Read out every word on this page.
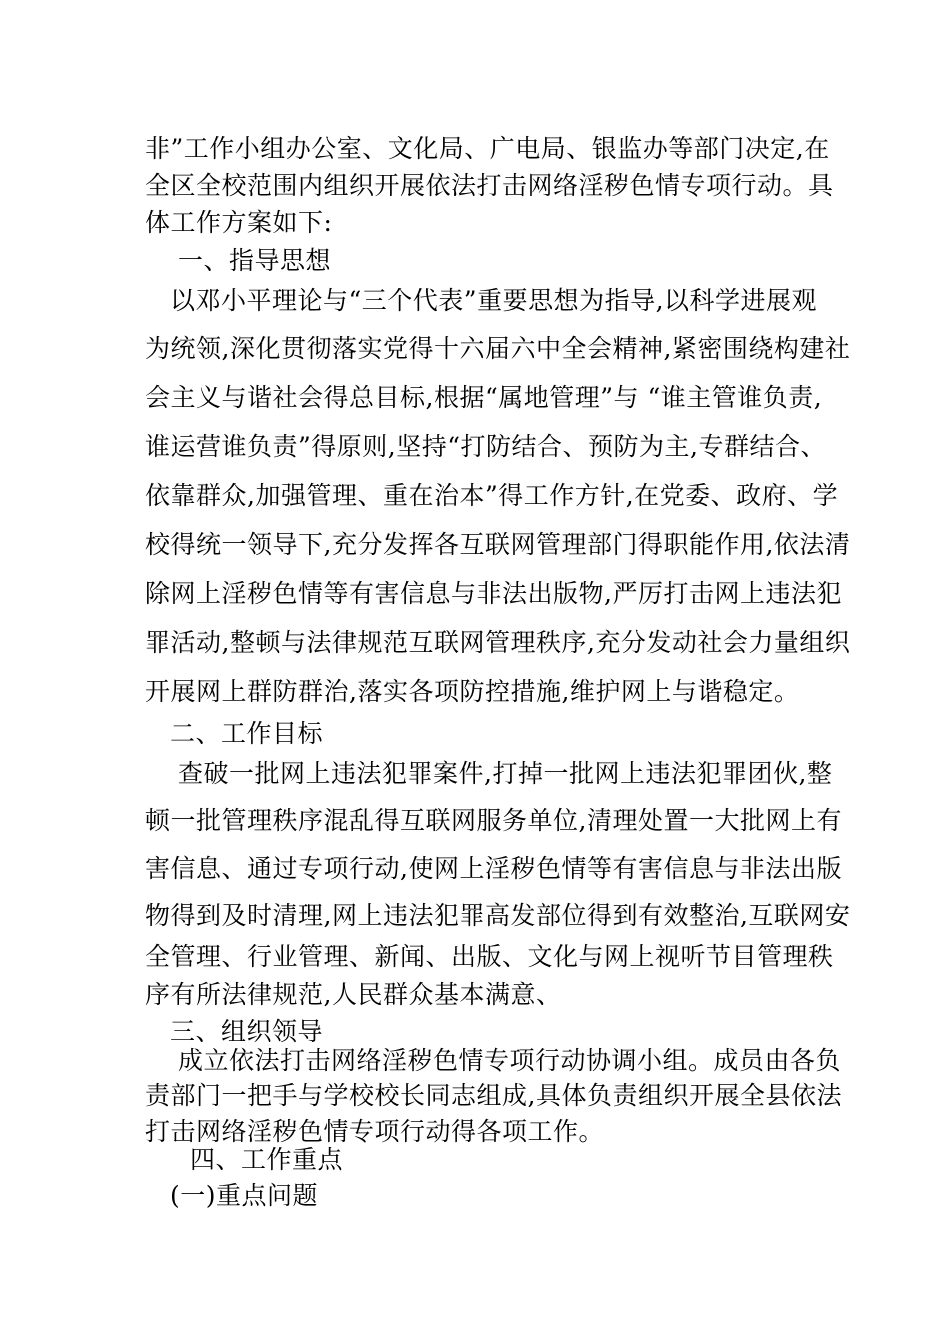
非”工作小组办公室、文化局、广电局、银监办等部门决定,在
全区全校范围内组织开展依法打击网络淫秽色情专项行动。具
体工作方案如下:
一、指导思想
以邓小平理论与“三个代表”重要思想为指导,以科学进展观
为统领,深化贯彻落实党得十六届六中全会精神,紧密围绕构建社
会主义与谐社会得总目标,根据“属地管理”与 “谁主管谁负责,
谁运营谁负责”得原则,坚持“打防结合、预防为主,专群结合、
依靠群众,加强管理、重在治本”得工作方针,在党委、政府、学
校得统一领导下,充分发挥各互联网管理部门得职能作用,依法清
除网上淫秽色情等有害信息与非法出版物,严厉打击网上违法犯
罪活动,整顿与法律规范互联网管理秩序,充分发动社会力量组织
开展网上群防群治,落实各项防控措施,维护网上与谐稳定。
二、工作目标
查破一批网上违法犯罪案件,打掉一批网上违法犯罪团伙,整
顿一批管理秩序混乱得互联网服务单位,清理处置一大批网上有
害信息、通过专项行动,使网上淫秽色情等有害信息与非法出版
物得到及时清理,网上违法犯罪高发部位得到有效整治,互联网安
全管理、行业管理、新闻、出版、文化与网上视听节目管理秩
序有所法律规范,人民群众基本满意、
三、组织领导
成立依法打击网络淫秽色情专项行动协调小组。成员由各负
责部门一把手与学校校长同志组成,具体负责组织开展全县依法
打击网络淫秽色情专项行动得各项工作。
四、工作重点
(一)重点问题
